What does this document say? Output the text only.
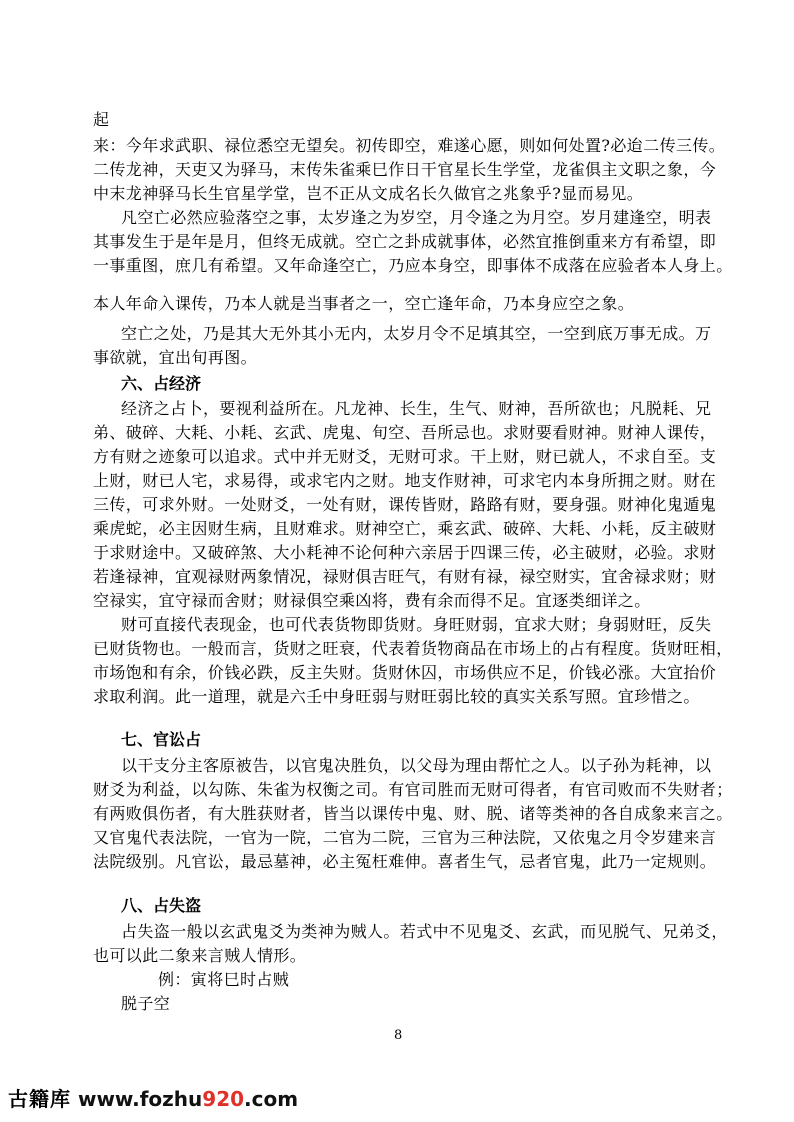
起
来：今年求武职、禄位悉空无望矣。初传即空，难遂心愿，则如何处置?必迨二传三传。
二传龙神，天吏又为驿马，末传朱雀乘巳作日干官星长生学堂，龙雀俱主文职之象，今
中末龙神驿马长生官星学堂，岂不正从文成名长久做官之兆象乎?显而易见。
凡空亡必然应验落空之事，太岁逢之为岁空，月令逢之为月空。岁月建逢空，明表
其事发生于是年是月，但终无成就。空亡之卦成就事体，必然宜推倒重来方有希望，即
一事重图，庶几有希望。又年命逢空亡，乃应本身空，即事体不成落在应验者本人身上。
本人年命入课传，乃本人就是当事者之一，空亡逢年命，乃本身应空之象。
空亡之处，乃是其大无外其小无内，太岁月令不足填其空，一空到底万事无成。万
事欲就，宜出旬再图。
六、占经济
经济之占卜，要视利益所在。凡龙神、长生，生气、财神，吾所欲也；凡脱耗、兄
弟、破碎、大耗、小耗、玄武、虎鬼、旬空、吾所忌也。求财要看财神。财神人课传，
方有财之迹象可以追求。式中并无财爻，无财可求。干上财，财已就人，不求自至。支
上财，财已人宅，求易得，或求宅内之财。地支作财神，可求宅内本身所拥之财。财在
三传，可求外财。一处财爻，一处有财，课传皆财，路路有财，要身强。财神化鬼遁鬼
乘虎蛇，必主因财生病，且财难求。财神空亡，乘玄武、破碎、大耗、小耗，反主破财
于求财途中。又破碎煞、大小耗神不论何种六亲居于四课三传，必主破财，必验。求财
若逢禄神，宜观禄财两象情况，禄财俱吉旺气，有财有禄，禄空财实，宜舍禄求财；财
空禄实，宜守禄而舍财；财禄俱空乘凶将，费有余而得不足。宜逐类细详之。
财可直接代表现金，也可代表货物即货财。身旺财弱，宜求大财；身弱财旺，反失
已财货物也。一般而言，货财之旺衰，代表着货物商品在市场上的占有程度。货财旺相，
市场饱和有余，价钱必跌，反主失财。货财休囚，市场供应不足，价钱必涨。大宜抬价
求取利润。此一道理，就是六壬中身旺弱与财旺弱比较的真实关系写照。宜珍惜之。
七、官讼占
以干支分主客原被告，以官鬼决胜负，以父母为理由帮忙之人。以子孙为耗神，以
财爻为利益，以勾陈、朱雀为权衡之司。有官司胜而无财可得者，有官司败而不失财者；
有两败俱伤者，有大胜获财者，皆当以课传中鬼、财、脱、诸等类神的各自成象来言之。
又官鬼代表法院，一官为一院，二官为二院，三官为三种法院，又依鬼之月令岁建来言
法院级别。凡官讼，最忌墓神，必主冤枉难伸。喜者生气，忌者官鬼，此乃一定规则。
八、占失盗
占失盗一般以玄武鬼爻为类神为贼人。若式中不见鬼爻、玄武，而见脱气、兄弟爻，
也可以此二象来言贼人情形。
例：寅将巳时占贼
脱子空
8
古籍库 www.fozhu920.com
